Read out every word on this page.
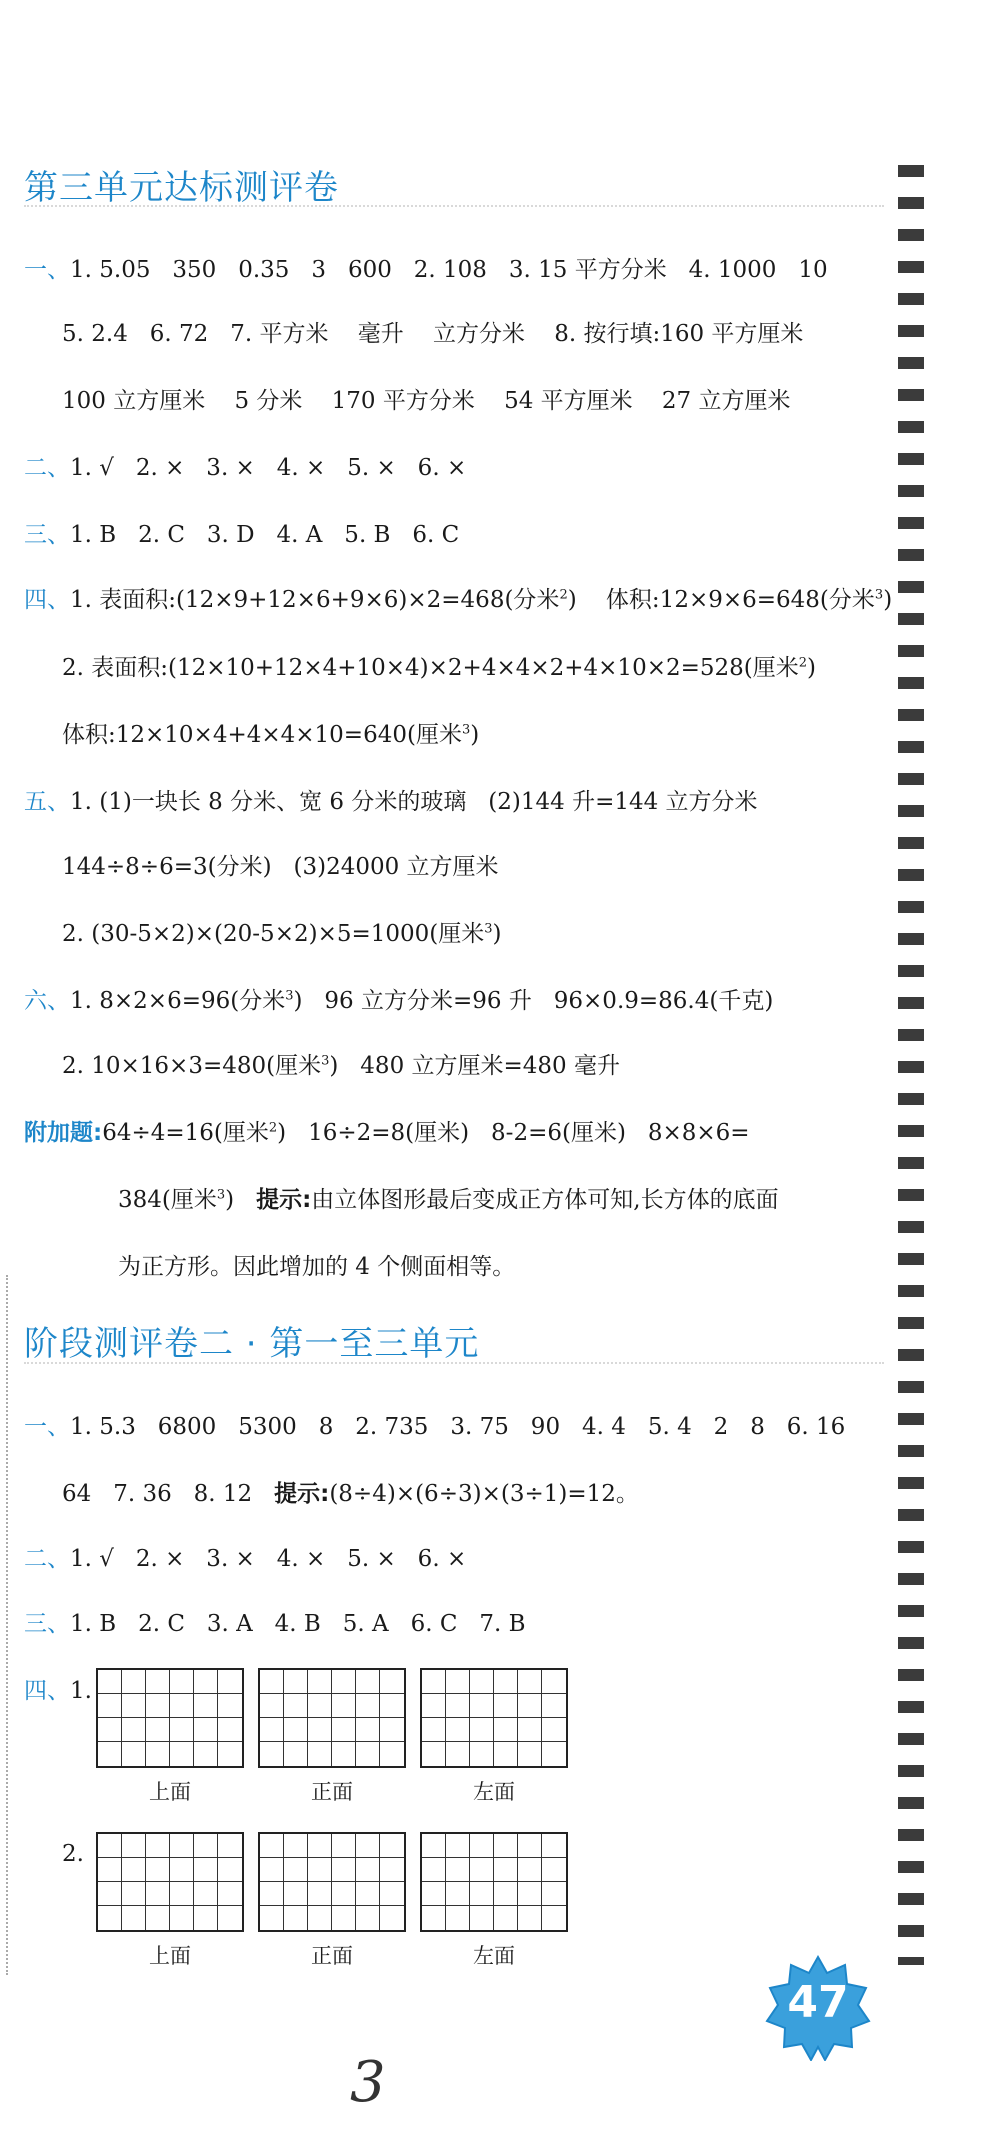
第三单元达标测评卷
一、1. 5.05   350   0.35   3   600   2. 108   3. 15 平方分米   4. 1000   10
5. 2.4   6. 72   7. 平方米    毫升    立方分米    8. 按行填:160 平方厘米
100 立方厘米    5 分米    170 平方分米    54 平方厘米    27 立方厘米
二、1. √   2. ×   3. ×   4. ×   5. ×   6. ×
三、1. B   2. C   3. D   4. A   5. B   6. C
四、1. 表面积:(12×9+12×6+9×6)×2=468(分米$^2$)    体积:12×9×6=648(分米$^3$)
2. 表面积:(12×10+12×4+10×4)×2+4×4×2+4×10×2=528(厘米$^2$)
体积:12×10×4+4×4×10=640(厘米$^3$)
五、1. (1)一块长 8 分米、宽 6 分米的玻璃   (2)144 升=144 立方分米
144÷8÷6=3(分米)   (3)24000 立方厘米
2. (30-5×2)×(20-5×2)×5=1000(厘米$^3$)
六、1. 8×2×6=96(分米$^3$)   96 立方分米=96 升   96×0.9=86.4(千克)
2. 10×16×3=480(厘米$^3$)   480 立方厘米=480 毫升
附加题:64÷4=16(厘米$^2$)   16÷2=8(厘米)   8-2=6(厘米)   8×8×6=
384(厘米$^3$)   提示:由立体图形最后变成正方体可知,长方体的底面
为正方形。因此增加的 4 个侧面相等。
阶段测评卷二 · 第一至三单元
一、1. 5.3   6800   5300   8   2. 735   3. 75   90   4. 4   5. 4   2   8   6. 16
64   7. 36   8. 12   提示:(8÷4)×(6÷3)×(3÷1)=12。
二、1. √   2. ×   3. ×   4. ×   5. ×   6. ×
三、1. B   2. C   3. A   4. B   5. A   6. C   7. B
四、1.
2.
上面	正面	左面
上面	正面	左面
47
3
